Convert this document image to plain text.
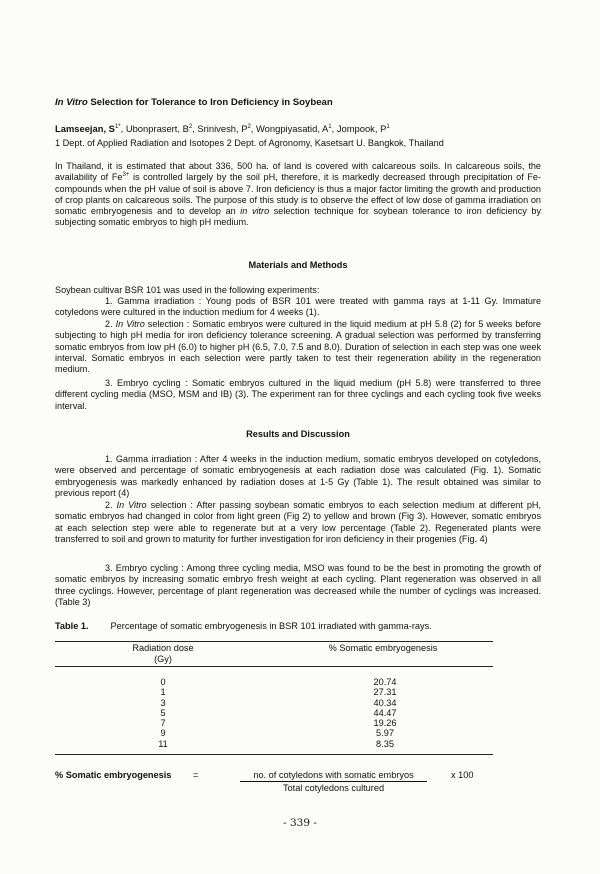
In Vitro Selection for Tolerance to Iron Deficiency in Soybean

Lamseejan, $S^{1*}$, Ubonprasert, $B^2$, Srinivesh, $P^2$, Wongpiyasatid, $A^1$, Jompook, $P^1$

1 Dept. of Applied Radiation and Isotopes 2 Dept. of Agronomy, Kasetsart U. Bangkok, Thailand

In Thailand, it is estimated that about 336, 500 ha. of land is covered with calcareous soils. In calcareous soils, the availability of $Fe^{3+}$ is controlled largely by the soil pH, therefore, it is markedly decreased through precipitation of Fe-compounds when the pH value of soil is above 7. Iron deficiency is thus a major factor limiting the growth and production of crop plants on calcareous soils. The purpose of this study is to observe the effect of low dose of gamma irradiation on somatic embryogenesis and to develop an in vitro selection technique for soybean tolerance to iron deficiency by subjecting somatic embryos to high pH medium.

Materials and Methods

Soybean cultivar BSR 101 was used in the following experiments:

1. Gamma irradiation : Young pods of BSR 101 were treated with gamma rays at 1-11 Gy. Immature cotyledons were cultured in the induction medium for 4 weeks (1).

2. In Vitro selection : Somatic embryos were cultured in the liquid medium at pH 5.8 (2) for 5 weeks before subjecting to high pH media for iron deficiency tolerance screening. A gradual selection was performed by transferring somatic embryos from low pH (6.0) to higher pH (6.5, 7.0, 7.5 and 8.0). Duration of selection in each step was one week interval. Somatic embryos in each selection were partly taken to test their regeneration ability in the regeneration medium.

3. Embryo cycling : Somatic embryos cultured in the liquid medium (pH 5.8) were transferred to three different cycling media (MSO, MSM and IB) (3). The experiment ran for three cyclings and each cycling took five weeks interval.

Results and Discussion

1. Gamma irradiation : After 4 weeks in the induction medium, somatic embryos developed on cotyledons, were observed and percentage of somatic embryogenesis at each radiation dose was calculated (Fig. 1). Somatic embryogenesis was markedly enhanced by radiation doses at 1-5 Gy (Table 1). The result obtained was similar to previous report (4)

2. In Vitro selection : After passing soybean somatic embryos to each selection medium at different pH, somatic embryos had changed in color from light green (Fig 2) to yellow and brown (Fig 3). However, somatic embryos at each selection step were able to regenerate but at a very low percentage (Table 2). Regenerated plants were transferred to soil and grown to maturity for further investigation for iron deficiency in their progenies (Fig. 4)

3. Embryo cycling : Among three cycling media, MSO was found to be the best in promoting the growth of somatic embryos by increasing somatic embryo fresh weight at each cycling. Plant regeneration was observed in all three cyclings. However, percentage of plant regeneration was decreased while the number of cyclings was increased. (Table 3)

Table 1. Percentage of somatic embryogenesis in BSR 101 irradiated with gamma-rays.

Radiation dose
(Gy)
% Somatic embryogenesis
0
1
3
5
7
9
11
20.74
27.31
40.34
44.47
19.26
5.97
8.35
% Somatic embryogenesis =	no. of cotyledons with somatic embryos
Total cotyledons cultured
x 100
- 339 -
